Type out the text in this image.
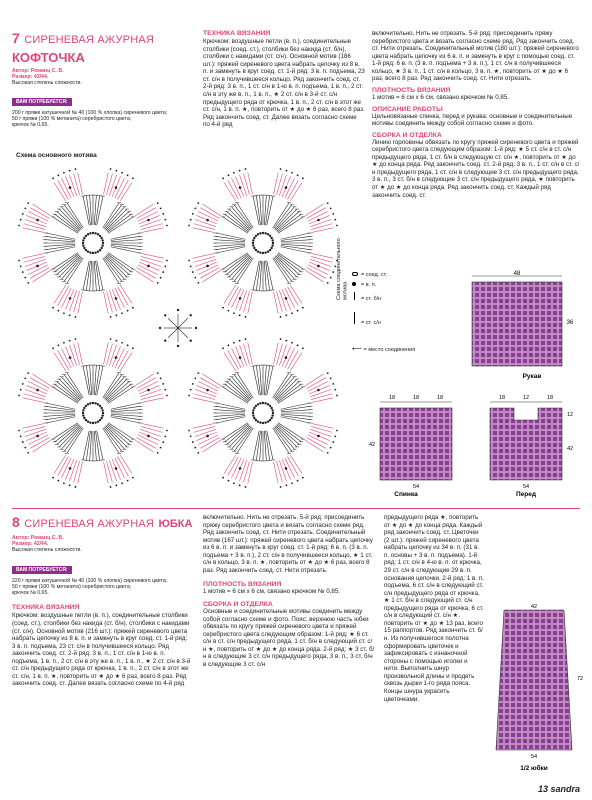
7 СИРЕНЕВАЯ АЖУРНАЯ
КОФТОЧКА
Автор: Романц С. В.
Размер: 42/44.
Высокая степень сложности.
ВАМ ПОТРЕБУЕТСЯ:
200 г пряжи катушечной № 40 (100 % хлопка) сиреневого цвета;
50 г пряжи (100 % метанита) серебристого цвета;
крючок № 0,65.
ТЕХНИКА ВЯЗАНИЯ
Крючком: воздушные петли (в. п.), соединительные столбики (соед. ст.), столбики без накида (ст. б/н), столбики с накидами (ст. с/н). Основной мотив (186 шт.): пряжей сиреневого цвета набрать цепочку из 8 в. п. и замкнуть в круг соед. ст. 1-й ряд: 3 в. п. подъема, 23 ст. с/н в получившееся кольцо. Ряд закончить соед. ст. 2-й ряд: 3 в. п., 1 ст. с/н в 1-ю в. п. подъема, 1 в. п., 2 ст. с/н в эту же в. п., 1 в. п., ★ 2 ст. с/н в 3-й ст. с/н предыдущего ряда от крючка, 1 в. п., 2 ст. с/н в этот же ст. с/н, 1 в. п. ★, повторить от ★ до ★ 6 раз, всего 8 раз. Ряд закончить соед. ст. Далее вязать согласно схеме по 4-й ряд
включительно. Нить не отрезать. 5-й ряд: присоединить пряжу серебристого цвета и вязать согласно схеме ряд. Ряд закончить соед. ст. Нити отрезать. Соединительный мотив (180 шт.): пряжей сиреневого цвета набрать цепочку из 6 в. п. и замкнуть в круг с помощью соед. ст. 1-й ряд: 6 в. п. (3 в. п. подъема + 3 в. п.), 1 ст. с/н в получившееся кольцо, ★ 3 в. п., 1 ст. с/н в кольцо, 3 в. п. ★, повторить от ★ до ★ 6 раз, всего 8 раз. Ряд закончить соед. ст. Нити отрезать.
ПЛОТНОСТЬ ВЯЗАНИЯ
1 мотив = 6 см х 6 см, связано крючком № 0,85.
ОПИСАНИЕ РАБОТЫ
Цельновязаные спинка, перед и рукава: основные и соединительные мотивы соединить между собой согласно схеме и фото.
СБОРКА И ОТДЕЛКА
Линию горловины обвязать по кругу пряжей сиреневого цвета и пряжей серебристого цвета следующим образом: 1-й ряд: ★ 5 ст. с/н в ст. с/н предыдущего ряда, 1 ст. б/н в следующую ст. с/н ★, повторить от ★ до ★ до конца ряда. Ряд закончить соед. ст. 2-й ряд: 3 в. п., 1 ст. с/н в ст. с/н предыдущего ряда, 1 ст. с/н в следующие 3 ст. с/н предыдущего ряда, 3 в. п., 3 ст. б/н в следующие 3 ст. с/н предыдущего ряда, ★ повторить от ★ до ★ до конца ряда. Ряд закончить соед. ст. Каждый ряд закончить соед. ст.
Схема основного мотива
Схема соединительного мотива
= соед. ст.
= в. п.
= ст. б/н
= ст. с/н
⟵ = место соединения
48
36
Рукав
18	18	18
42
54
Спинка
18	12	18
12
42
54
Перед
8 СИРЕНЕВАЯ АЖУРНАЯ ЮБКА
Автор: Романц С. В.
Размер: 42/44.
Высокая степень сложности.
ВАМ ПОТРЕБУЕТСЯ:
220 г пряжи катушечной № 40 (100 % хлопка) сиреневого цвета;
50 г пряжи (100 % метанита) серебристого цвета;
крючок № 0,65.
ТЕХНИКА ВЯЗАНИЯ
Крючком: воздушные петли (в. п.), соединительные столбики (соед. ст.), столбики без накида (ст. б/н), столбики с накидами (ст. с/н). Основной мотив (216 шт.): пряжей сиреневого цвета набрать цепочку из 8 в. п. и замкнуть в круг соед. ст. 1-й ряд: 3 в. п. подъема, 23 ст. с/н в получившееся кольцо. Ряд закончить соед. ст. 2-й ряд: 3 в. п., 1 ст. с/н в 1-ю в. п. подъема, 1 в. п., 2 ст. с/н в эту же в. п., 1 в. п., ★ 2 ст. с/н в 3-й ст. с/н предыдущего ряда от крючка, 1 в. п., 2 ст. с/н в этот же ст. с/н, 1 в. п. ★, повторить от ★ до ★ 6 раз, всего 8 раз. Ряд закончить соед. ст. Далее вязать согласно схеме по 4-й ряд
включительно. Нить не отрезать. 5-й ряд: присоединить пряжу серебристого цвета и вязать согласно схеме ряд. Ряд закончить соед. ст. Нити отрезать. Соединительный мотив (167 шт.): пряжей сиреневого цвета набрать цепочку из 6 в. п. и замкнуть в круг соед. ст. 1-й ряд: 6 в. п. (3 в. п. подъема + 3 в. п.), 2 ст. с/н в получившееся кольцо, ★ 1 ст. с/н в кольцо, 3 в. п. ★, повторить от ★ до ★ 6 раз, всего 8 раз. Ряд закончить соед. ст. Нити отрезать.
ПЛОТНОСТЬ ВЯЗАНИЯ
1 мотив = 6 см х 6 см, связано крючком № 0,85.
СБОРКА И ОТДЕЛКА
Основные и соединительные мотивы соединить между собой согласно схеме и фото. Пояс: верхнюю часть юбки обвязать по кругу пряжей сиреневого цвета и пряжей серебристого цвета следующим образом: 1-й ряд: ★ 6 ст. с/н в ст. с/н предыдущего ряда, 1 ст. б/н в следующий ст. с/н ★, повторить от ★ до ★ до конца ряда. 2-й ряд: ★ 3 ст. б/н в следующие 3 ст. с/н предыдущего ряда, 3 в. п., 3 ст. б/н в следующие 3 ст. с/н
предыдущего ряда ★, повторить от ★ до ★ до конца ряда. Каждый ряд закончить соед. ст. Цветочки (2 шт.): пряжей сиреневого цвета набрать цепочку из 34 в. п. (31 в. п. основы + 3 в. п. подъема). 1-й ряд: 1 ст. с/н в 4-ю в. п. от крючка, 29 ст. с/н в следующие 29 в. п. основания цепочки. 2-й ряд: 1 в. п. подъема, 6 ст. с/н в следующий ст. с/н предыдущего ряда от крючка, ★ 1 ст. б/н в следующий ст. с/н предыдущего ряда от крючка, 6 ст. с/н в следующий ст. с/н ★, повторить от ★ до ★ 13 раз, всего 15 раппортов. Ряд закончить ст. б/н. Из получившегося полотна сформировать цветочек и зафиксировать с изнаночной стороны с помощью иголки и нити. Выполнить шнур произвольной длины и продеть сквозь дырки 1-го ряда пояса. Концы шнура украсить цветочками.
42
72
54
1/2 юбки
13 sandra
